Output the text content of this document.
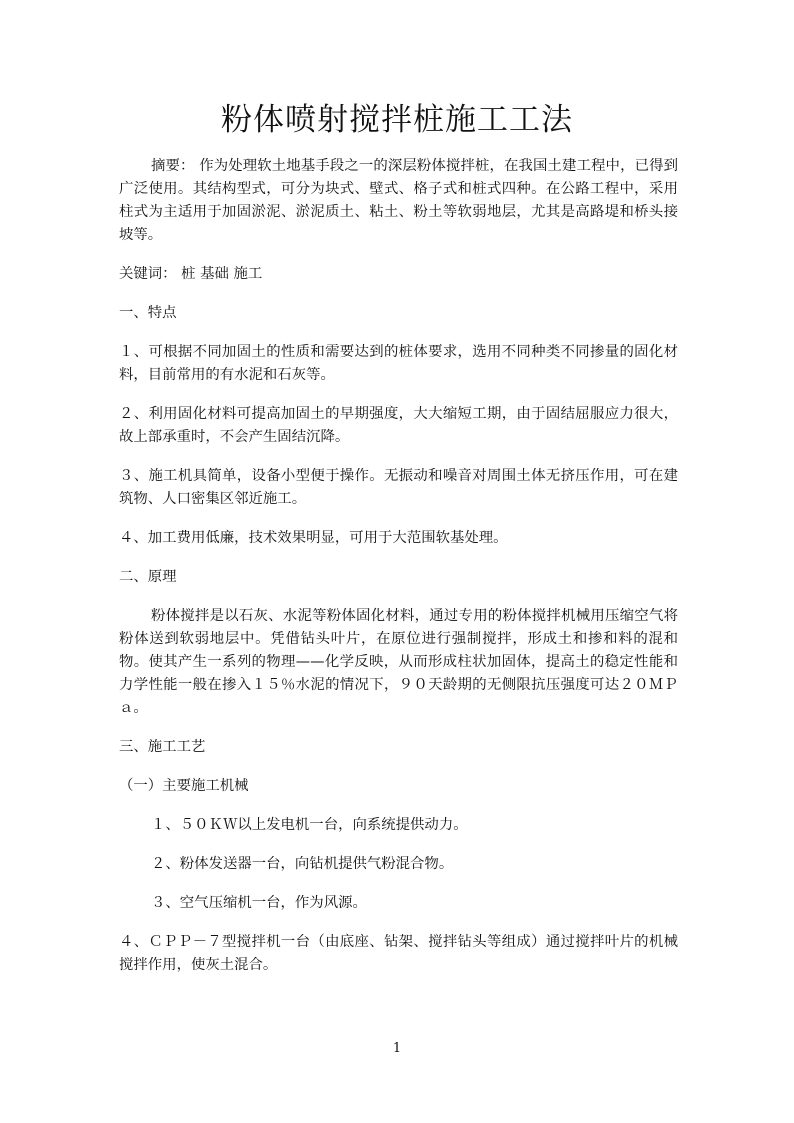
粉体喷射搅拌桩施工工法

摘要： 作为处理软土地基手段之一的深层粉体搅拌桩，在我国土建工程中，已得到广泛使用。其结构型式，可分为块式、壁式、格子式和桩式四种。在公路工程中，采用柱式为主适用于加固淤泥、淤泥质土、粘土、粉土等软弱地层，尤其是高路堤和桥头接坡等。

关键词： 桩 基础 施工

一、特点

１、可根据不同加固土的性质和需要达到的桩体要求，选用不同种类不同掺量的固化材料，目前常用的有水泥和石灰等。

２、利用固化材料可提高加固土的早期强度，大大缩短工期，由于固结屈服应力很大，故上部承重时，不会产生固结沉降。

３、施工机具简单，设备小型便于操作。无振动和噪音对周围土体无挤压作用，可在建筑物、人口密集区邻近施工。

４、加工费用低廉，技术效果明显，可用于大范围软基处理。

二、原理

粉体搅拌是以石灰、水泥等粉体固化材料，通过专用的粉体搅拌机械用压缩空气将粉体送到软弱地层中。凭借钻头叶片，在原位进行强制搅拌，形成土和掺和料的混和物。使其产生一系列的物理——化学反映，从而形成柱状加固体，提高土的稳定性能和力学性能一般在掺入１５％水泥的情况下，９０天龄期的无侧限抗压强度可达２０ＭＰａ。

三、施工工艺

（一）主要施工机械

１、５０ＫＷ以上发电机一台，向系统提供动力。

２、粉体发送器一台，向钻机提供气粉混合物。

３、空气压缩机一台，作为风源。

４、ＣＰＰ－７型搅拌机一台（由底座、钻架、搅拌钻头等组成）通过搅拌叶片的机械搅拌作用，使灰土混合。

1
